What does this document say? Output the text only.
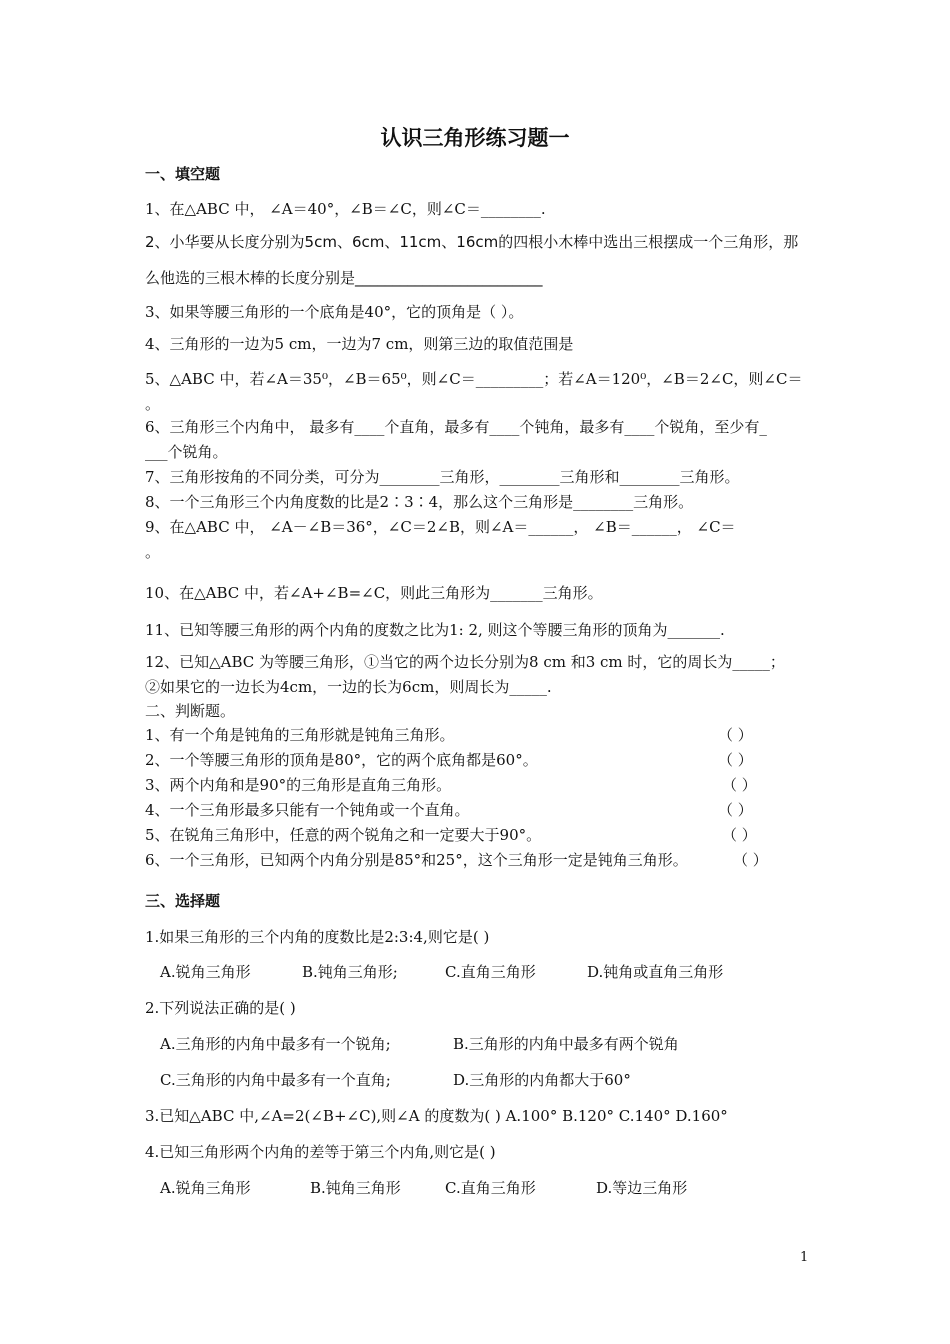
认识三角形练习题一
一、填空题
1、在△ABC 中， ∠A＝40°，∠B＝∠C，则∠C＝________.
2、小华要从长度分别为5cm、6cm、11cm、16cm的四根小木棒中选出三根摆成一个三角形，那
么他选的三根木棒的长度分别是_________________________
3、如果等腰三角形的一个底角是40°，它的顶角是（ ）。
4、三角形的一边为5 cm，一边为7 cm，则第三边的取值范围是
5、△ABC 中，若∠A＝35⁰，∠B＝65⁰，则∠C＝_________；若∠A＝120⁰，∠B＝2∠C，则∠C＝
。
6、三角形三个内角中， 最多有____个直角，最多有____个钝角，最多有____个锐角，至少有_
___个锐角。
7、三角形按角的不同分类，可分为________三角形，________三角形和________三角形。
8、一个三角形三个内角度数的比是2∶3∶4，那么这个三角形是________三角形。
9、在△ABC 中， ∠A－∠B＝36°，∠C＝2∠B，则∠A＝______， ∠B＝______， ∠C＝
。
10、在△ABC 中，若∠A+∠B=∠C，则此三角形为_______三角形。
11、已知等腰三角形的两个内角的度数之比为1: 2, 则这个等腰三角形的顶角为_______.
12、已知△ABC 为等腰三角形，①当它的两个边长分别为8 cm 和3 cm 时，它的周长为_____；
②如果它的一边长为4cm，一边的长为6cm，则周长为_____.
二、判断题。
1、有一个角是钝角的三角形就是钝角三角形。	（ ）
2、一个等腰三角形的顶角是80°，它的两个底角都是60°。	（ ）
3、两个内角和是90°的三角形是直角三角形。	（ ）
4、一个三角形最多只能有一个钝角或一个直角。	（ ）
5、在锐角三角形中，任意的两个锐角之和一定要大于90°。	（ ）
6、一个三角形，已知两个内角分别是85°和25°，这个三角形一定是钝角三角形。	（ ）
三、选择题
1.如果三角形的三个内角的度数比是2:3:4,则它是( )
A.锐角三角形	B.钝角三角形;	C.直角三角形	D.钝角或直角三角形
2.下列说法正确的是( )
A.三角形的内角中最多有一个锐角;	B.三角形的内角中最多有两个锐角
C.三角形的内角中最多有一个直角;	D.三角形的内角都大于60°
3.已知△ABC 中,∠A=2(∠B+∠C),则∠A 的度数为( ) A.100° B.120° C.140° D.160°
4.已知三角形两个内角的差等于第三个内角,则它是( )
A.锐角三角形	B.钝角三角形	C.直角三角形	D.等边三角形
1
